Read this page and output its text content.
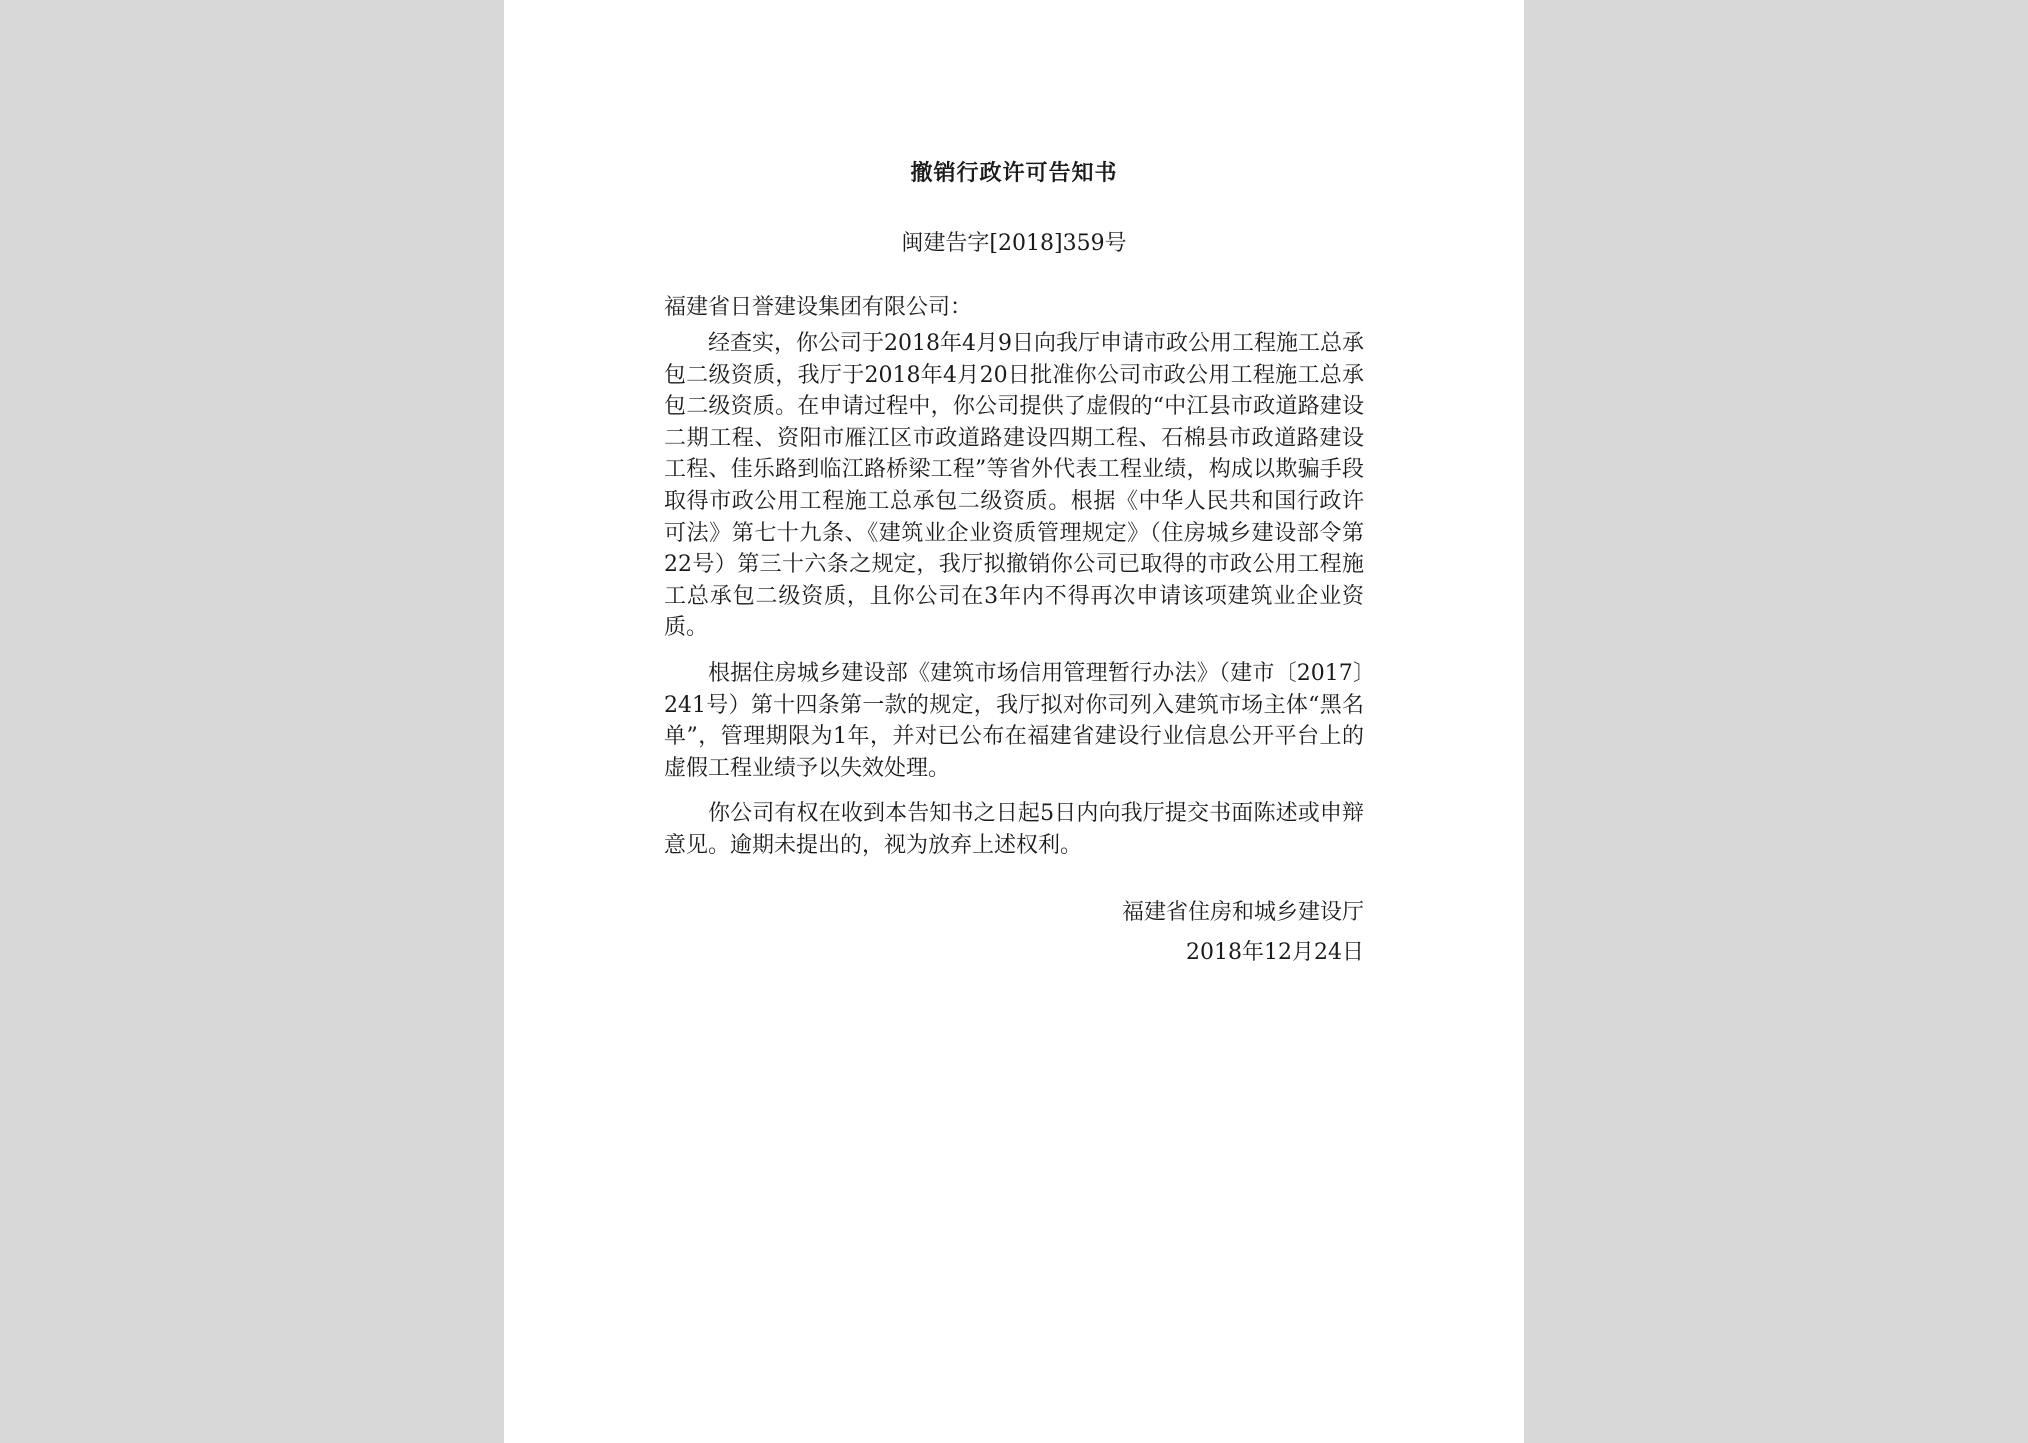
撤销行政许可告知书
闽建告字[2018]359号
福建省日誉建设集团有限公司：

经查实，你公司于2018年4月9日向我厅申请市政公用工程施工总承包二级资质，我厅于2018年4月20日批准你公司市政公用工程施工总承包二级资质。在申请过程中，你公司提供了虚假的“中江县市政道路建设二期工程、资阳市雁江区市政道路建设四期工程、石棉县市政道路建设工程、佳乐路到临江路桥梁工程”等省外代表工程业绩，构成以欺骗手段取得市政公用工程施工总承包二级资质。根据《中华人民共和国行政许可法》第七十九条、《建筑业企业资质管理规定》（住房城乡建设部令第22号）第三十六条之规定，我厅拟撤销你公司已取得的市政公用工程施工总承包二级资质，且你公司在3年内不得再次申请该项建筑业企业资质。

根据住房城乡建设部《建筑市场信用管理暂行办法》（建市〔2017〕241号）第十四条第一款的规定，我厅拟对你司列入建筑市场主体“黑名单”，管理期限为1年，并对已公布在福建省建设行业信息公开平台上的虚假工程业绩予以失效处理。

你公司有权在收到本告知书之日起5日内向我厅提交书面陈述或申辩意见。逾期未提出的，视为放弃上述权利。

福建省住房和城乡建设厅
2018年12月24日
